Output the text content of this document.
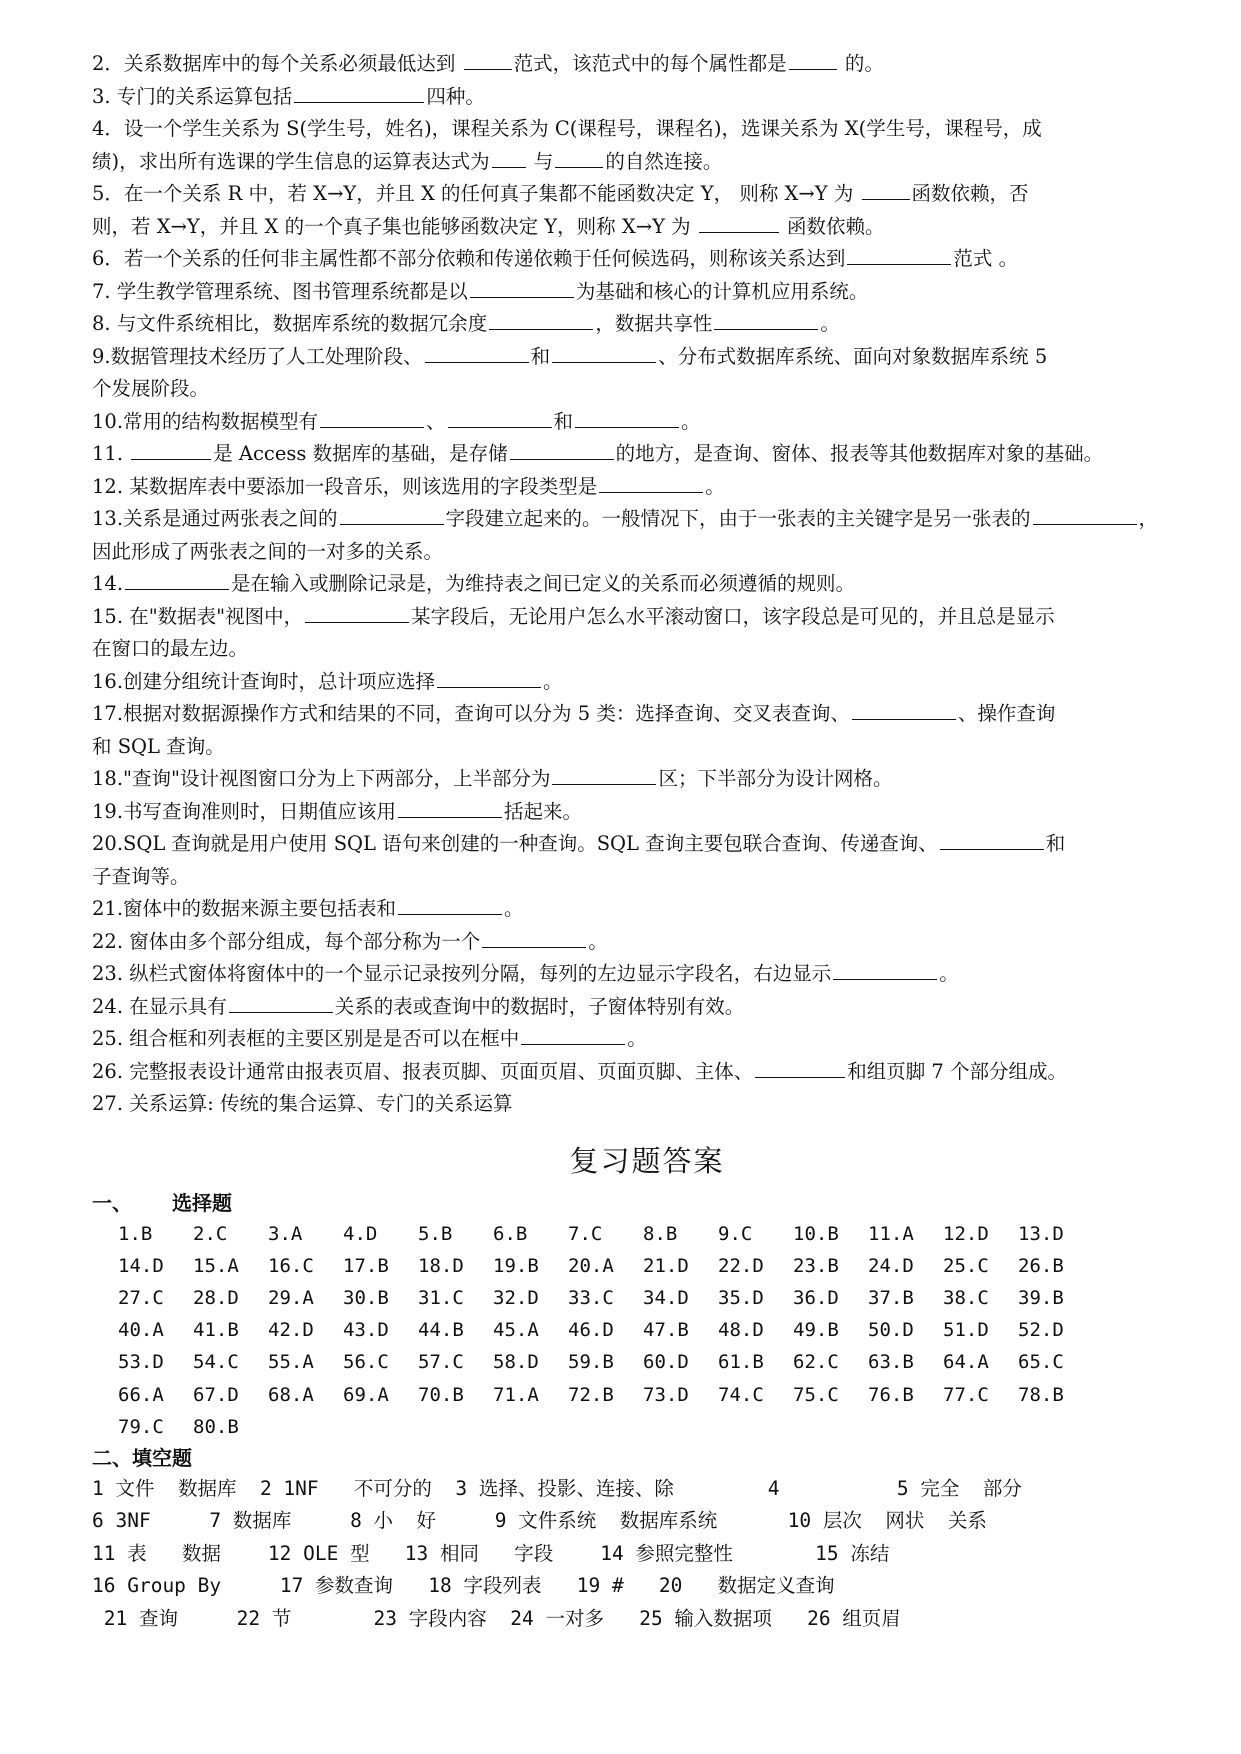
2．关系数据库中的每个关系必须最低达到	范式，该范式中的每个属性都是	的。
3. 专门的关系运算包括	四种。
4．设一个学生关系为 S(学生号，姓名)，课程关系为 C(课程号，课程名)，选课关系为 X(学生号，课程号，成
绩)，求出所有选课的学生信息的运算表达式为 与	的自然连接。
5．在一个关系 R 中，若 X→Y，并且 X 的任何真子集都不能函数决定 Y， 则称 X→Y 为	函数依赖，否
则，若 X→Y，并且 X 的一个真子集也能够函数决定 Y，则称 X→Y 为	函数依赖。
6．若一个关系的任何非主属性都不部分依赖和传递依赖于任何候选码，则称该关系达到	范式 。
7. 学生教学管理系统、图书管理系统都是以	为基础和核心的计算机应用系统。
8. 与文件系统相比，数据库系统的数据冗余度	，数据共享性	。
9.数据管理技术经历了人工处理阶段、	和	、分布式数据库系统、面向对象数据库系统 5
个发展阶段。
10.常用的结构数据模型有	、	和	。
11.	是 Access 数据库的基础，是存储	的地方，是查询、窗体、报表等其他数据库对象的基础。
12. 某数据库表中要添加一段音乐，则该选用的字段类型是	。
13.关系是通过两张表之间的	字段建立起来的。一般情况下，由于一张表的主关键字是另一张表的	，
因此形成了两张表之间的一对多的关系。
14.	是在输入或删除记录是，为维持表之间已定义的关系而必须遵循的规则。
15. 在"数据表"视图中，	某字段后，无论用户怎么水平滚动窗口，该字段总是可见的，并且总是显示
在窗口的最左边。
16.创建分组统计查询时，总计项应选择	。
17.根据对数据源操作方式和结果的不同，查询可以分为 5 类：选择查询、交叉表查询、	、操作查询
和 SQL 查询。
18."查询"设计视图窗口分为上下两部分，上半部分为	区；下半部分为设计网格。
19.书写查询准则时，日期值应该用	括起来。
20.SQL 查询就是用户使用 SQL 语句来创建的一种查询。SQL 查询主要包联合查询、传递查询、	和
子查询等。
21.窗体中的数据来源主要包括表和	。
22. 窗体由多个部分组成，每个部分称为一个	。
23. 纵栏式窗体将窗体中的一个显示记录按列分隔，每列的左边显示字段名，右边显示	。
24. 在显示具有	关系的表或查询中的数据时，子窗体特别有效。
25. 组合框和列表框的主要区别是是否可以在框中	。
26. 完整报表设计通常由报表页眉、报表页脚、页面页眉、页面页脚、主体、	和组页脚 7 个部分组成。
27. 关系运算: 传统的集合运算、专门的关系运算
复习题答案
一、 选择题
1.B	2.C	3.A	4.D	5.B	6.B	7.C	8.B	9.C	10.B	11.A	12.D	13.D
14.D	15.A	16.C	17.B	18.D	19.B	20.A	21.D	22.D	23.B	24.D	25.C	26.B
27.C	28.D	29.A	30.B	31.C	32.D	33.C	34.D	35.D	36.D	37.B	38.C	39.B
40.A	41.B	42.D	43.D	44.B	45.A	46.D	47.B	48.D	49.B	50.D	51.D	52.D
53.D	54.C	55.A	56.C	57.C	58.D	59.B	60.D	61.B	62.C	63.B	64.A	65.C
66.A	67.D	68.A	69.A	70.B	71.A	72.B	73.D	74.C	75.C	76.B	77.C	78.B
79.C	80.B
二、填空题
1 文件  数据库  2 1NF   不可分的  3 选择、投影、连接、除        4          5 完全  部分
6 3NF     7 数据库     8 小  好     9 文件系统  数据库系统      10 层次  网状  关系
11 表   数据    12 OLE 型   13 相同   字段    14 参照完整性       15 冻结
16 Group By     17 参数查询   18 字段列表   19 #   20   数据定义查询
21 查询     22 节       23 字段内容  24 一对多   25 输入数据项   26 组页眉
